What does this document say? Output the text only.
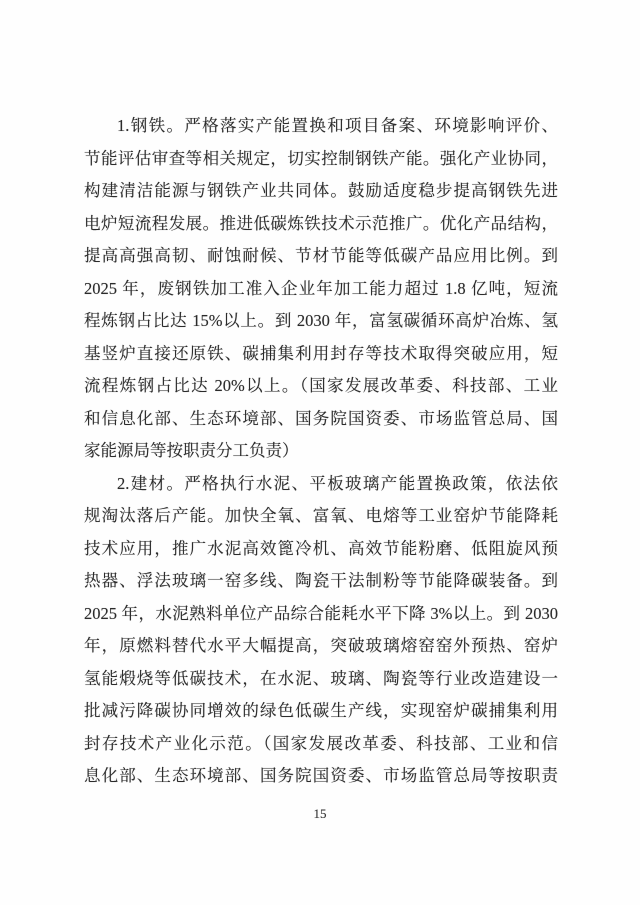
1.钢铁。严格落实产能置换和项目备案、环境影响评价、
节能评估审查等相关规定，切实控制钢铁产能。强化产业协同，
构建清洁能源与钢铁产业共同体。鼓励适度稳步提高钢铁先进
电炉短流程发展。推进低碳炼铁技术示范推广。优化产品结构，
提高高强高韧、耐蚀耐候、节材节能等低碳产品应用比例。到
2025 年，废钢铁加工准入企业年加工能力超过 1.8 亿吨，短流
程炼钢占比达 15%以上。到 2030 年，富氢碳循环高炉冶炼、氢
基竖炉直接还原铁、碳捕集利用封存等技术取得突破应用，短
流程炼钢占比达 20%以上。（国家发展改革委、科技部、工业
和信息化部、生态环境部、国务院国资委、市场监管总局、国
家能源局等按职责分工负责）
2.建材。严格执行水泥、平板玻璃产能置换政策，依法依
规淘汰落后产能。加快全氧、富氧、电熔等工业窑炉节能降耗
技术应用，推广水泥高效篦冷机、高效节能粉磨、低阻旋风预
热器、浮法玻璃一窑多线、陶瓷干法制粉等节能降碳装备。到
2025 年，水泥熟料单位产品综合能耗水平下降 3%以上。到 2030
年，原燃料替代水平大幅提高，突破玻璃熔窑窑外预热、窑炉
氢能煅烧等低碳技术，在水泥、玻璃、陶瓷等行业改造建设一
批减污降碳协同增效的绿色低碳生产线，实现窑炉碳捕集利用
封存技术产业化示范。（国家发展改革委、科技部、工业和信
息化部、生态环境部、国务院国资委、市场监管总局等按职责
15
